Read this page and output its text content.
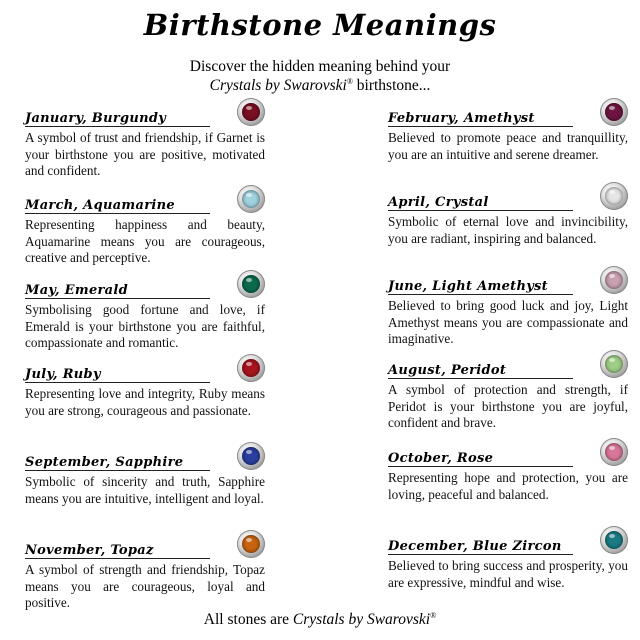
Birthstone Meanings
Discover the hidden meaning behind your
Crystals by Swarovski® birthstone...
January, Burgundy
A symbol of trust and friendship, if Garnet is your birthstone you are positive, motivated and confident.
March, Aquamarine
Representing happiness and beauty, Aquamarine means you are courageous, creative and perceptive.
May, Emerald
Symbolising good fortune and love, if Emerald is your birthstone you are faithful, compassionate and romantic.
July, Ruby
Representing love and integrity, Ruby means you are strong, courageous and passionate.
September, Sapphire
Symbolic of sincerity and truth, Sapphire means you are intuitive, intelligent and loyal.
November, Topaz
A symbol of strength and friendship, Topaz means you are courageous, loyal and positive.
February, Amethyst
Believed to promote peace and tranquillity, you are an intuitive and serene dreamer.
April, Crystal
Symbolic of eternal love and invincibility, you are radiant, inspiring and balanced.
June, Light Amethyst
Believed to bring good luck and joy, Light Amethyst means you are compassionate and imaginative.
August, Peridot
A symbol of protection and strength, if Peridot is your birthstone you are joyful, confident and brave.
October, Rose
Representing hope and protection, you are loving, peaceful and balanced.
December, Blue Zircon
Believed to bring success and prosperity, you are expressive, mindful and wise.
All stones are Crystals by Swarovski®
